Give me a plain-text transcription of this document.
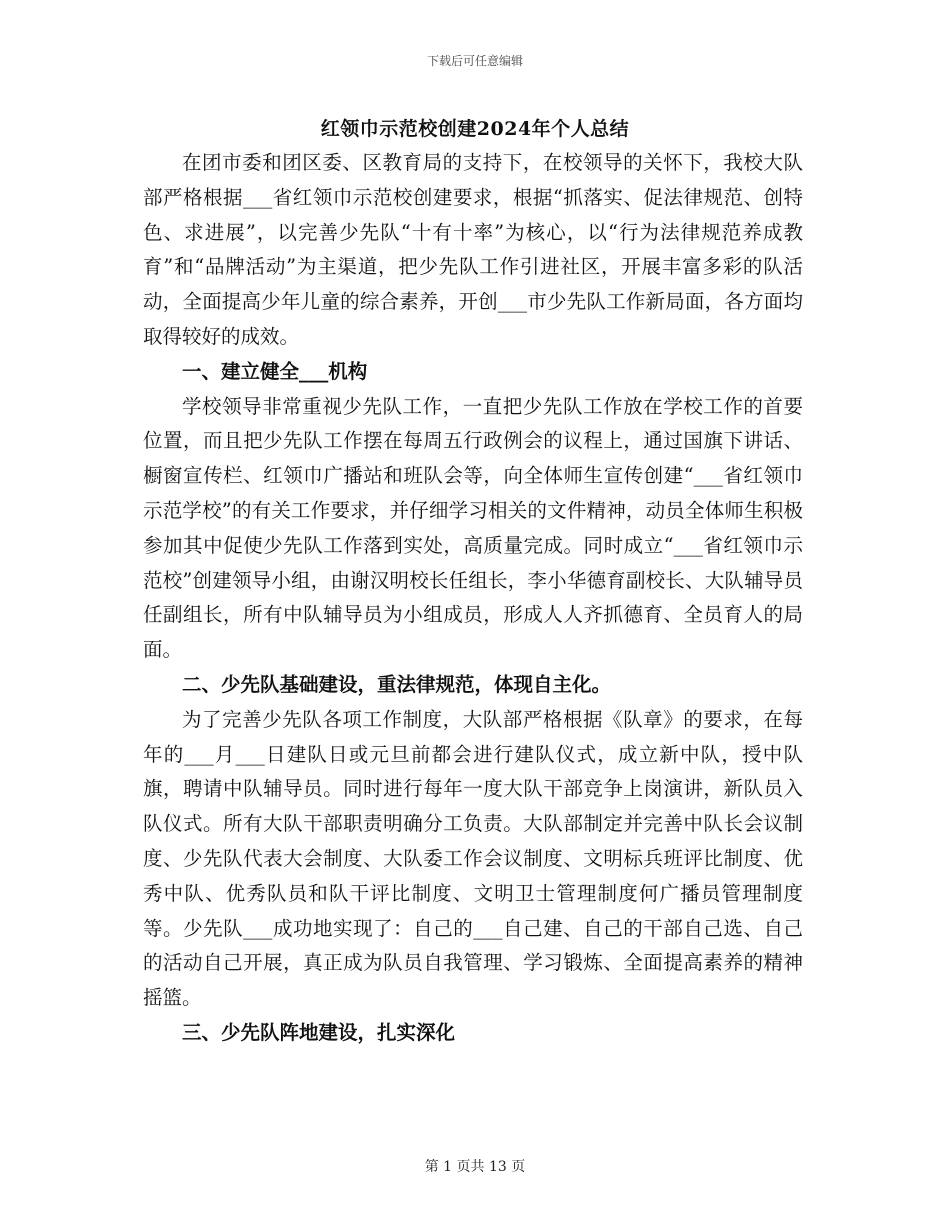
下载后可任意编辑
红领巾示范校创建2024年个人总结

在团市委和团区委、区教育局的支持下，在校领导的关怀下，我校大队部严格根据___省红领巾示范校创建要求，根据“抓落实、促法律规范、创特色、求进展”，以完善少先队“十有十率”为核心，以“行为法律规范养成教育”和“品牌活动”为主渠道，把少先队工作引进社区，开展丰富多彩的队活动，全面提高少年儿童的综合素养，开创___市少先队工作新局面，各方面均取得较好的成效。

一、建立健全___机构

学校领导非常重视少先队工作，一直把少先队工作放在学校工作的首要位置，而且把少先队工作摆在每周五行政例会的议程上，通过国旗下讲话、橱窗宣传栏、红领巾广播站和班队会等，向全体师生宣传创建“___省红领巾示范学校”的有关工作要求，并仔细学习相关的文件精神，动员全体师生积极参加其中促使少先队工作落到实处，高质量完成。同时成立“___省红领巾示范校”创建领导小组，由谢汉明校长任组长，李小华德育副校长、大队辅导员任副组长，所有中队辅导员为小组成员，形成人人齐抓德育、全员育人的局面。

二、少先队基础建设，重法律规范，体现自主化。

为了完善少先队各项工作制度，大队部严格根据《队章》的要求，在每年的___月___日建队日或元旦前都会进行建队仪式，成立新中队，授中队旗，聘请中队辅导员。同时进行每年一度大队干部竞争上岗演讲，新队员入队仪式。所有大队干部职责明确分工负责。大队部制定并完善中队长会议制度、少先队代表大会制度、大队委工作会议制度、文明标兵班评比制度、优秀中队、优秀队员和队干评比制度、文明卫士管理制度何广播员管理制度等。少先队___成功地实现了：自己的___自己建、自己的干部自己选、自己的活动自己开展，真正成为队员自我管理、学习锻炼、全面提高素养的精神摇篮。

三、少先队阵地建设，扎实深化

第 1 页共 13 页
